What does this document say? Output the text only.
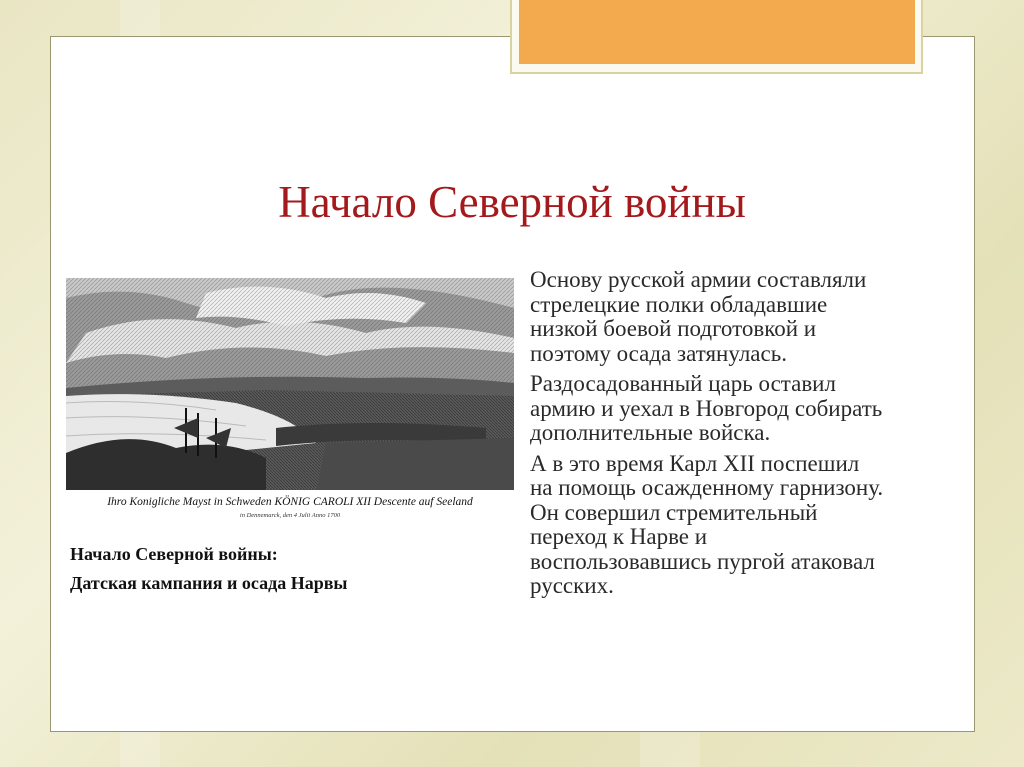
Начало Северной войны
Ihro Konigliche Mayst in Schweden KÖNIG CAROLI XII Descente auf Seeland
in Dennemarck, den 4 Julii Anno 1700
Начало Северной войны:
Датская кампания и осада Нарвы

Основу русской армии составляли
стрелецкие полки обладавшие
низкой боевой подготовкой и
поэтому осада затянулась.

Раздосадованный царь оставил
армию и уехал в Новгород собирать
дополнительные войска.

А в это время Карл XII поспешил
на помощь осажденному гарнизону.
Он совершил стремительный
переход к Нарве и
воспользовавшись пургой атаковал
русских.
